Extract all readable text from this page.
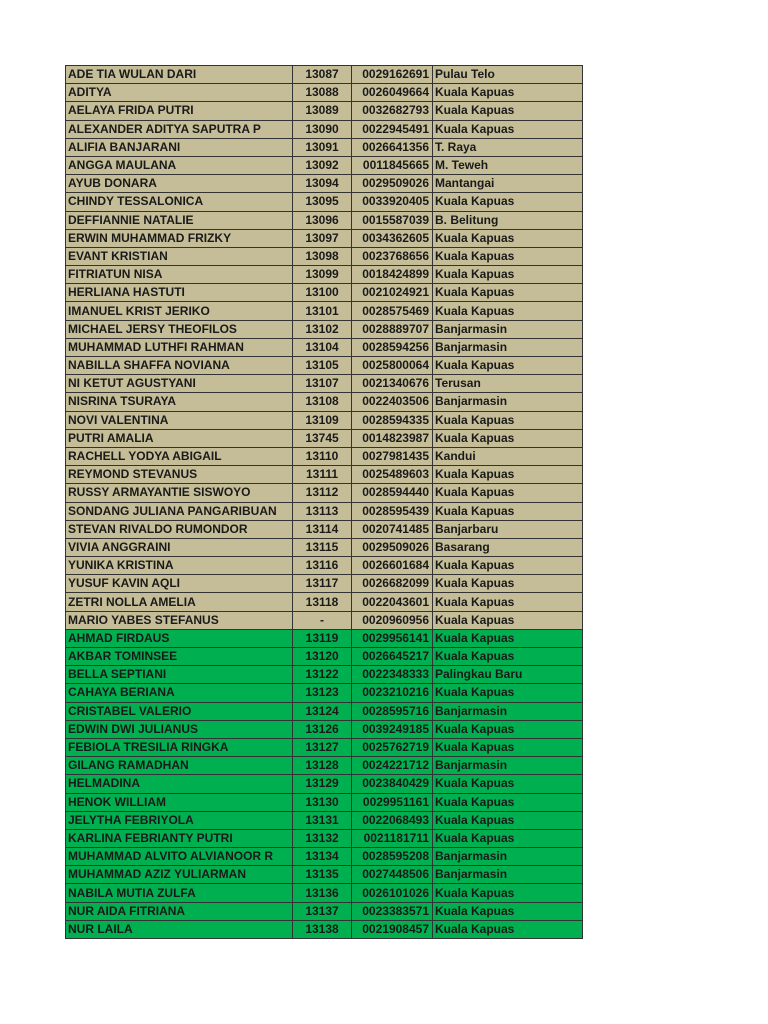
ADE TIA WULAN DARI	13087	0029162691	Pulau Telo
ADITYA	13088	0026049664	Kuala Kapuas
AELAYA FRIDA PUTRI	13089	0032682793	Kuala Kapuas
ALEXANDER ADITYA SAPUTRA P	13090	0022945491	Kuala Kapuas
ALIFIA BANJARANI	13091	0026641356	T. Raya
ANGGA MAULANA	13092	0011845665	M. Teweh
AYUB DONARA	13094	0029509026	Mantangai
CHINDY TESSALONICA	13095	0033920405	Kuala Kapuas
DEFFIANNIE NATALIE	13096	0015587039	B. Belitung
ERWIN MUHAMMAD FRIZKY	13097	0034362605	Kuala Kapuas
EVANT KRISTIAN	13098	0023768656	Kuala Kapuas
FITRIATUN NISA	13099	0018424899	Kuala Kapuas
HERLIANA HASTUTI	13100	0021024921	Kuala Kapuas
IMANUEL KRIST JERIKO	13101	0028575469	Kuala Kapuas
MICHAEL JERSY THEOFILOS	13102	0028889707	Banjarmasin
MUHAMMAD LUTHFI RAHMAN	13104	0028594256	Banjarmasin
NABILLA SHAFFA NOVIANA	13105	0025800064	Kuala Kapuas
NI KETUT AGUSTYANI	13107	0021340676	Terusan
NISRINA TSURAYA	13108	0022403506	Banjarmasin
NOVI VALENTINA	13109	0028594335	Kuala Kapuas
PUTRI AMALIA	13745	0014823987	Kuala Kapuas
RACHELL YODYA ABIGAIL	13110	0027981435	Kandui
REYMOND STEVANUS	13111	0025489603	Kuala Kapuas
RUSSY ARMAYANTIE SISWOYO	13112	0028594440	Kuala Kapuas
SONDANG JULIANA PANGARIBUAN	13113	0028595439	Kuala Kapuas
STEVAN RIVALDO RUMONDOR	13114	0020741485	Banjarbaru
VIVIA ANGGRAINI	13115	0029509026	Basarang
YUNIKA KRISTINA	13116	0026601684	Kuala Kapuas
YUSUF KAVIN AQLI	13117	0026682099	Kuala Kapuas
ZETRI NOLLA AMELIA	13118	0022043601	Kuala Kapuas
MARIO YABES STEFANUS	-	0020960956	Kuala Kapuas
AHMAD FIRDAUS	13119	0029956141	Kuala Kapuas
AKBAR TOMINSEE	13120	0026645217	Kuala Kapuas
BELLA SEPTIANI	13122	0022348333	Palingkau Baru
CAHAYA BERIANA	13123	0023210216	Kuala Kapuas
CRISTABEL VALERIO	13124	0028595716	Banjarmasin
EDWIN DWI JULIANUS	13126	0039249185	Kuala Kapuas
FEBIOLA TRESILIA RINGKA	13127	0025762719	Kuala Kapuas
GILANG RAMADHAN	13128	0024221712	Banjarmasin
HELMADINA	13129	0023840429	Kuala Kapuas
HENOK WILLIAM	13130	0029951161	Kuala Kapuas
JELYTHA FEBRIYOLA	13131	0022068493	Kuala Kapuas
KARLINA FEBRIANTY PUTRI	13132	0021181711	Kuala Kapuas
MUHAMMAD ALVITO ALVIANOOR R	13134	0028595208	Banjarmasin
MUHAMMAD AZIZ YULIARMAN	13135	0027448506	Banjarmasin
NABILA MUTIA ZULFA	13136	0026101026	Kuala Kapuas
NUR AIDA FITRIANA	13137	0023383571	Kuala Kapuas
NUR LAILA	13138	0021908457	Kuala Kapuas
